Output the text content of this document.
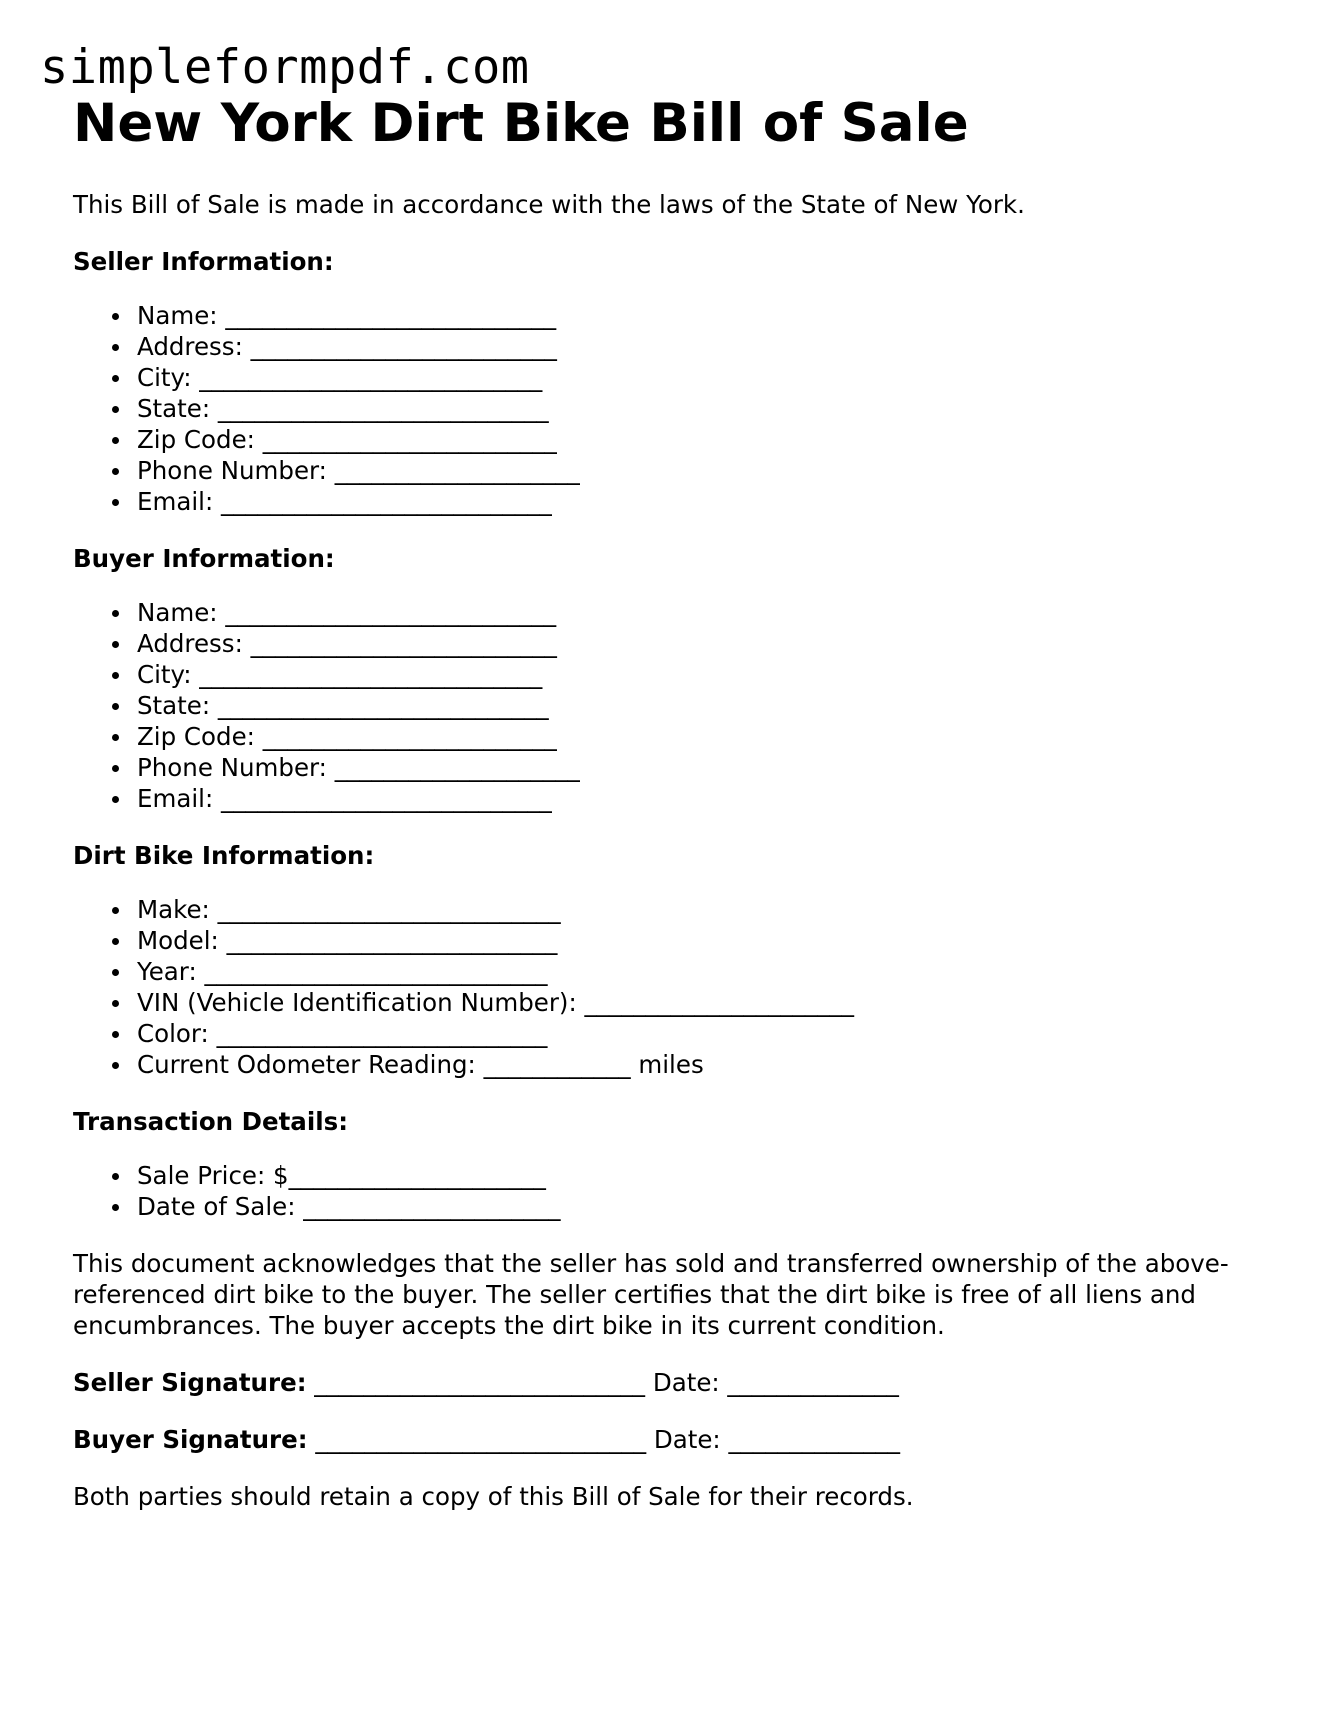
simpleformpdf.com
New York Dirt Bike Bill of Sale

This Bill of Sale is made in accordance with the laws of the State of New York.

Seller Information:
Name: ___________________________
Address: _________________________
City: ____________________________
State: ___________________________
Zip Code: ________________________
Phone Number: ____________________
Email: ___________________________
Buyer Information:
Name: ___________________________
Address: _________________________
City: ____________________________
State: ___________________________
Zip Code: ________________________
Phone Number: ____________________
Email: ___________________________
Dirt Bike Information:
Make: ____________________________
Model: ___________________________
Year: ____________________________
VIN (Vehicle Identification Number): ______________________
Color: ___________________________
Current Odometer Reading: ____________ miles
Transaction Details:
Sale Price: $_____________________
Date of Sale: _____________________

This document acknowledges that the seller has sold and transferred ownership of the above-referenced dirt bike to the buyer. The seller certifies that the dirt bike is free of all liens and encumbrances. The buyer accepts the dirt bike in its current condition.

Seller Signature: ___________________________ Date: ______________
Buyer Signature: ___________________________ Date: ______________

Both parties should retain a copy of this Bill of Sale for their records.
